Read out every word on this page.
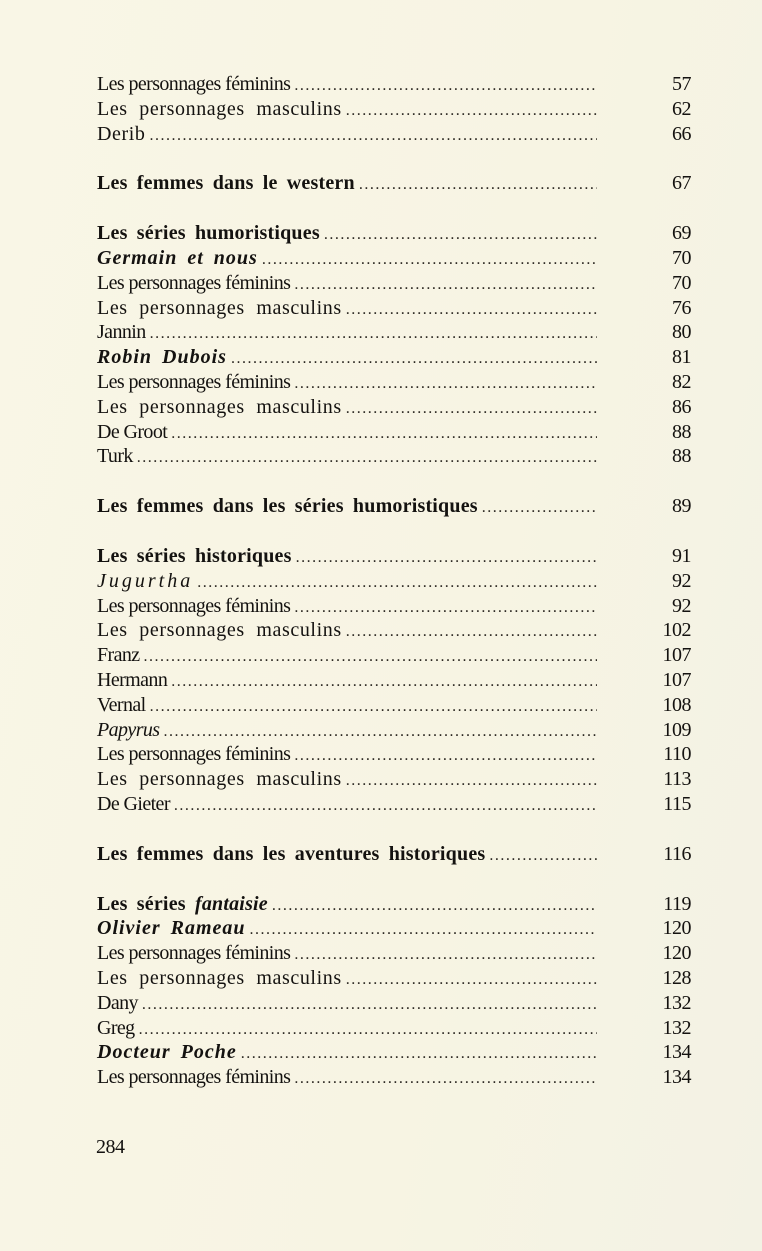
Les personnages féminins .....	57
Les personnages masculins .....	62
Derib .....	66
Les femmes dans le western .....	67
Les séries humoristiques .....	69
Germain et nous .....	70
Les personnages féminins .....	70
Les personnages masculins .....	76
Jannin .....	80
Robin Dubois .....	81
Les personnages féminins .....	82
Les personnages masculins .....	86
De Groot .....	88
Turk .....	88
Les femmes dans les séries humoristiques .....	89
Les séries historiques .....	91
Jugurtha .....	92
Les personnages féminins .....	92
Les personnages masculins .....	102
Franz .....	107
Hermann .....	107
Vernal .....	108
Papyrus .....	109
Les personnages féminins .....	110
Les personnages masculins .....	113
De Gieter .....	115
Les femmes dans les aventures historiques .....	116
Les séries fantaisie .....	119
Olivier Rameau .....	120
Les personnages féminins .....	120
Les personnages masculins .....	128
Dany .....	132
Greg .....	132
Docteur Poche .....	134
Les personnages féminins .....	134
284
